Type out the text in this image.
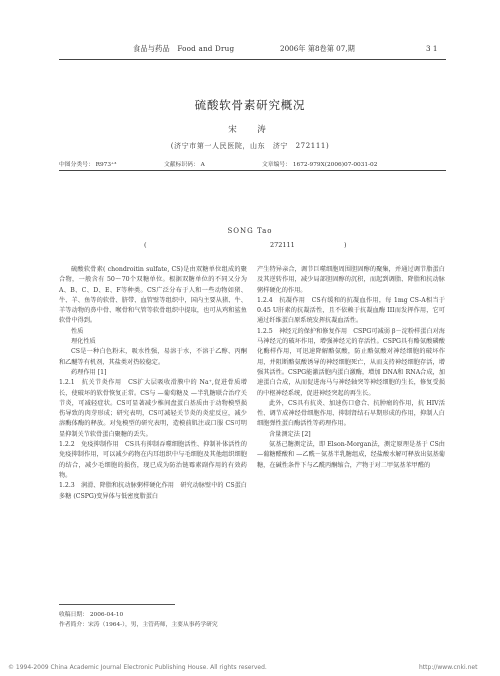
食品与药品　Food and Drug	2006年 第8卷第 07,期	3 1
硫酸软骨素研究概况
宋　涛
(济宁市第一人民医院，山东　济宁　272111)
中图分类号： R973⁺³	文献标识码： A	文章编号： 1672-979X(2006)07-0031-02
SONG Tao
(	272111	)

硫酸软骨素( chondroitin sulfate, CS)是由双糖单位组成的聚合物，一般含有 50～70个双糖单位。根据双糖单位的不同又分为 A、B、C、D、E、F等种类。CS广泛分布于人和一些动物如猪、牛、羊、鱼等的软骨、脐带、血管壁等组织中，国内主要从猪、牛、羊等动物的鼻中骨、喉骨和气管等软骨组织中提取，也可从鸡和鲨鱼软骨中得到。

性质

理化性质

CS是一种白色粉末，吸水性强，易溶于水，不溶于乙醇、丙酮和乙醚等有机剂，其盐类对热较稳定。

药理作用 [1]

1.2.1　抗关节炎作用　CS扩大层吸收滑膜中的 Na⁺,促进骨质增长，使破坏的软骨恢复正常。CS与 —葡萄糖及 —半乳糖联合治疗关节炎，可减轻症状。CS可显著减少椎间盘蛋白基质由于动物模型损伤导致的肉芽形成；研究表明，CS可减轻关节炎的炎症反应，减少溶酶体酶的释放。对兔模型的研究表明，造模前肌注或口服 CS可明显抑制关节软骨蛋白聚糖的丢失。

1.2.2　免疫抑制作用　CS具有抑制吞噬细胞活性、抑制补体活性的免疫抑制作用，可以减少药物在内耳组织中与毛细胞及其他组织细胞的结合，减少毛细胞的损伤，现已成为防治链霉素副作用的有效药物。

1.2.3　润滑、降脂和抗动脉粥样硬化作用　研究动脉壁中的 CS蛋白多糖 (CSPG)变异体与低密度脂蛋白

产生特异亲合，调节巨噬细胞周围胆固醇的聚集，并通过调节脂蛋白及其逆转作用，减少局部胆固醇的沉积，而起到调脂、降脂和抗动脉粥样硬化的作用。

1.2.4　抗凝作用　CS有缓和的抗凝血作用，每 1mg CS-A相当于 0.45 U肝素的抗凝活性，且不依赖于抗凝血酶 III而发挥作用，它可通过纤维蛋白原系统发挥抗凝血活性。

1.2.5　神经元的保护和修复作用　CSPG可减弱 β－淀粉样蛋白对海马神经元的破坏作用，增强神经元的存活性。CSPG具有酪氨酸磷酸化酶样作用，可迅速降解酪氨酸，防止酪氨酸对神经细胞的破坏作用，并阻断酪氨酸诱导的神经细胞死亡，从而支持神经细胞存活，增强其活性。CSPG能激活胞内蛋白激酶，增加 DNA和 RNA合成，加速蛋白合成，从而促进海马与神经轴突等神经细胞的生长，修复受损的中枢神经系统，促进神经突起的再生长。

此外，CS具有抗炎、加速伤口愈合、抗肿瘤的作用，抗 HIV活性、调节成神经骨细胞作用、抑制肾结石早期形成的作用，抑制人白细胞弹性蛋白酶活性等药理作用。

含量测定法 [2]

氨基己糖测定法，即 Elson-Morgan法，测定原理是基于 CS由 —葡糖醛酸和 —乙酰－氨基半乳糖组成，经盐酸水解可释放出氨基葡糖，在碱性条件下与乙酰丙酮缩合，产物于对二甲氨基苯甲醛的

收稿日期： 2006-04-10
作者简介：宋涛（1964-），男，主管药师，主要从事药学研究
© 1994-2009 China Academic Journal Electronic Publishing House. All rights reserved.	http://www.cnki.net
